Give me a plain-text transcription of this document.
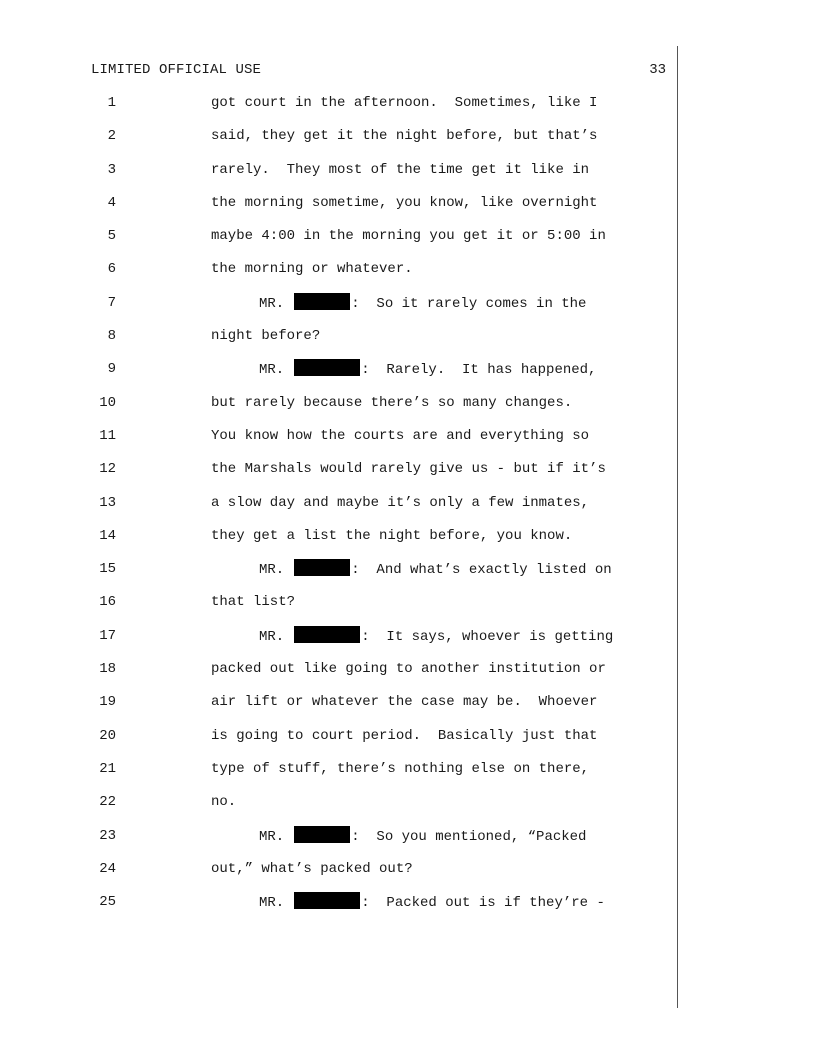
LIMITED OFFICIAL USE	33
1	got court in the afternoon.  Sometimes, like I
2	said, they get it the night before, but that’s
3	rarely.  They most of the time get it like in
4	the morning sometime, you know, like overnight
5	maybe 4:00 in the morning you get it or 5:00 in
6	the morning or whatever.
7	MR.	:  So it rarely comes in the
8	night before?
9	MR.	:  Rarely.  It has happened,
10	but rarely because there’s so many changes.
11	You know how the courts are and everything so
12	the Marshals would rarely give us - but if it’s
13	a slow day and maybe it’s only a few inmates,
14	they get a list the night before, you know.
15	MR.	:  And what’s exactly listed on
16	that list?
17	MR.	:  It says, whoever is getting
18	packed out like going to another institution or
19	air lift or whatever the case may be.  Whoever
20	is going to court period.  Basically just that
21	type of stuff, there’s nothing else on there,
22	no.
23	MR.	:  So you mentioned, “Packed
24	out,” what’s packed out?
25	MR.	:  Packed out is if they’re -
